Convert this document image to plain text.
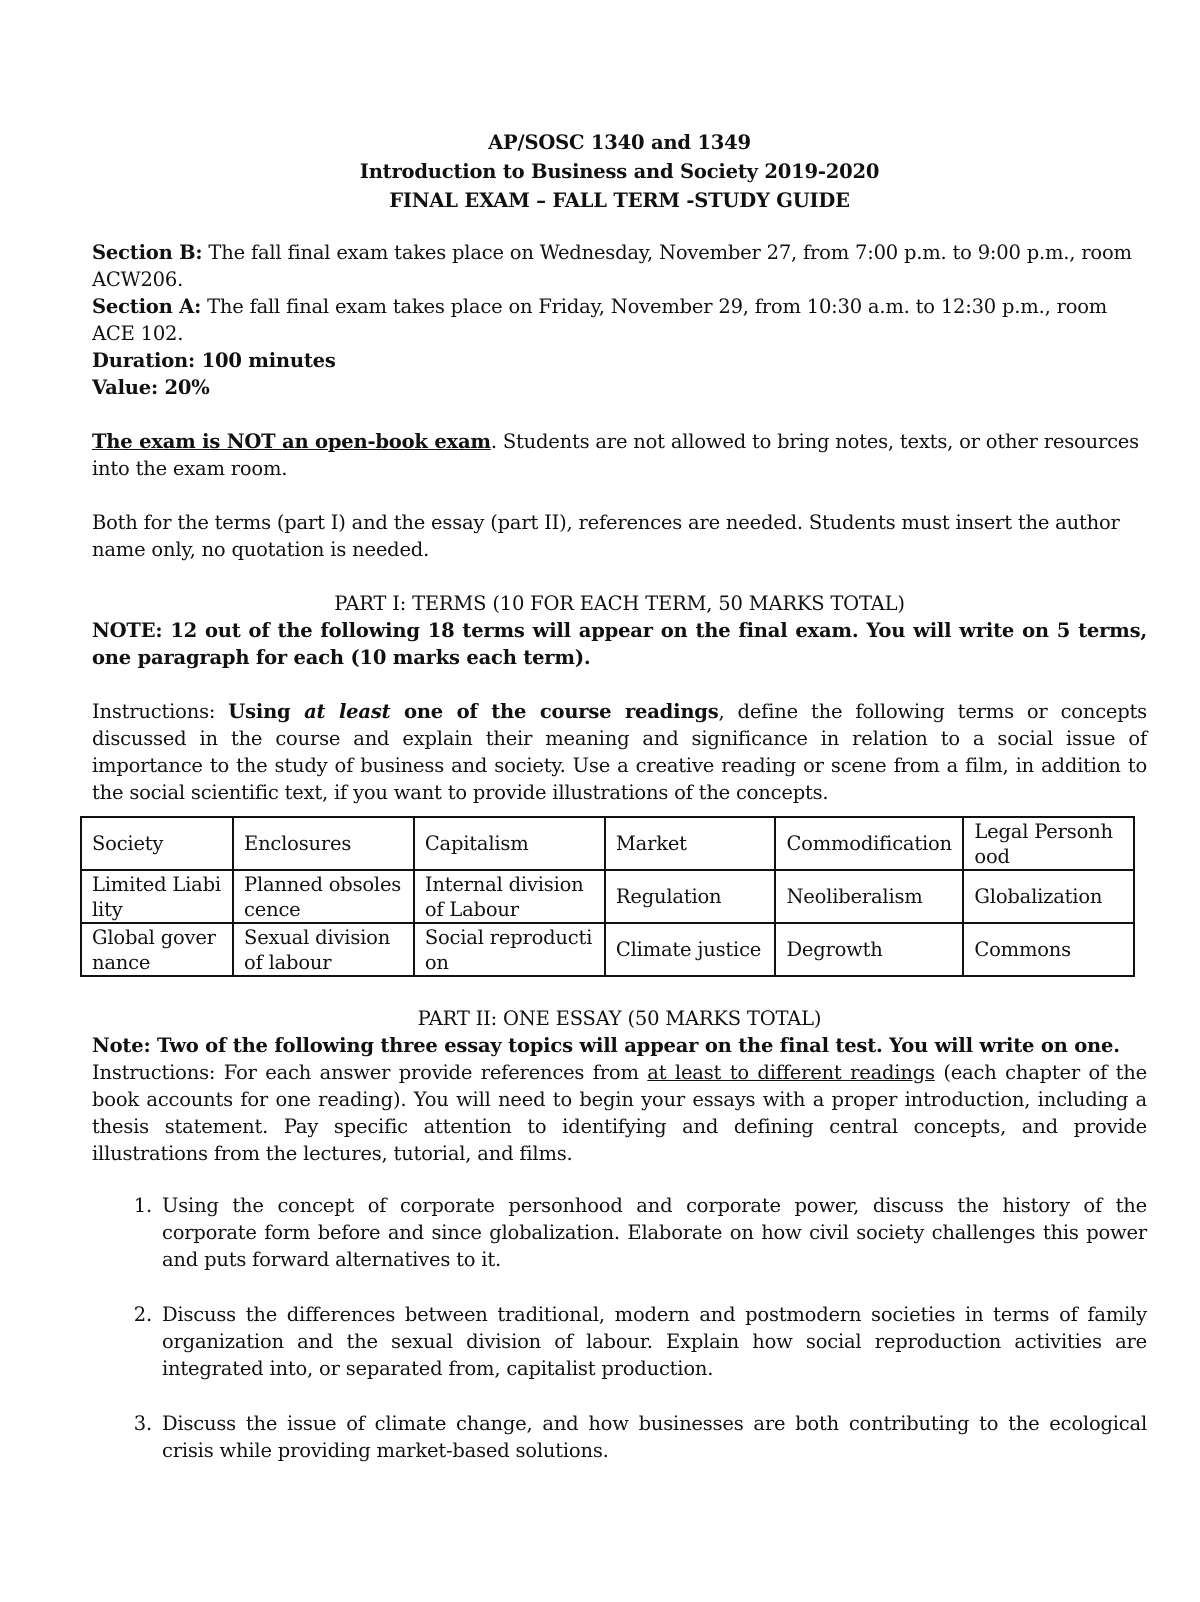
AP/SOSC 1340 and 1349
Introduction to Business and Society 2019-2020
FINAL EXAM – FALL TERM -STUDY GUIDE

Section B: The fall final exam takes place on Wednesday, November 27, from 7:00 p.m. to 9:00 p.m., room ACW206.

Section A: The fall final exam takes place on Friday, November 29, from 10:30 a.m. to 12:30 p.m., room ACE 102.

Duration: 100 minutes

Value: 20%

The exam is NOT an open-book exam. Students are not allowed to bring notes, texts, or other resources into the exam room.

Both for the terms (part I) and the essay (part II), references are needed. Students must insert the author name only, no quotation is needed.

PART I: TERMS (10 FOR EACH TERM, 50 MARKS TOTAL)

NOTE: 12 out of the following 18 terms will appear on the final exam. You will write on 5 terms, one paragraph for each (10 marks each term).

Instructions: Using at least one of the course readings, define the following terms or concepts discussed in the course and explain their meaning and significance in relation to a social issue of importance to the study of business and society. Use a creative reading or scene from a film, in addition to the social scientific text, if you want to provide illustrations of the concepts.

Society	Enclosures	Capitalism	Market	Commodification	Legal Personhood
Limited Liability	Planned obsolescence	Internal division of Labour	Regulation	Neoliberalism	Globalization
Global governance	Sexual division of labour	Social reproduction	Climate justice	Degrowth	Commons

PART II: ONE ESSAY (50 MARKS TOTAL)

Note: Two of the following three essay topics will appear on the final test. You will write on one.

Instructions: For each answer provide references from at least to different readings (each chapter of the book accounts for one reading). You will need to begin your essays with a proper introduction, including a thesis statement. Pay specific attention to identifying and defining central concepts, and provide illustrations from the lectures, tutorial, and films.

1. Using the concept of corporate personhood and corporate power, discuss the history of the corporate form before and since globalization. Elaborate on how civil society challenges this power and puts forward alternatives to it.
2. Discuss the differences between traditional, modern and postmodern societies in terms of family organization and the sexual division of labour. Explain how social reproduction activities are integrated into, or separated from, capitalist production.
3. Discuss the issue of climate change, and how businesses are both contributing to the ecological crisis while providing market-based solutions.
